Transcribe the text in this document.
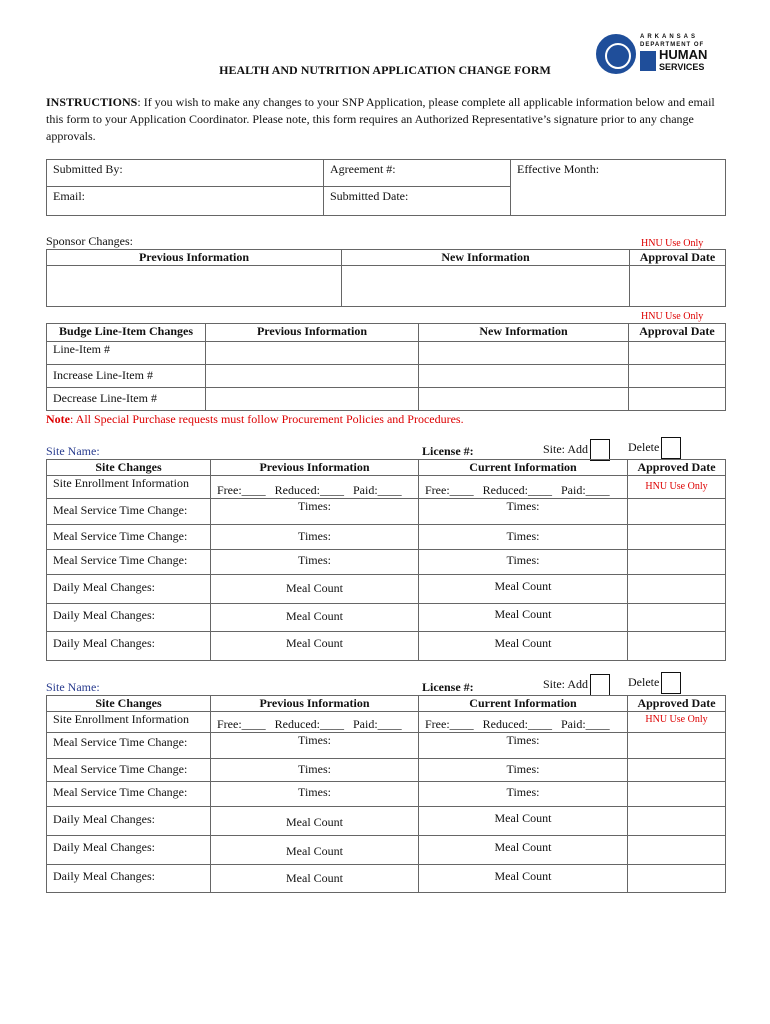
ARKANSAS
DEPARTMENT OF
HUMAN
SERVICES
HEALTH AND NUTRITION APPLICATION CHANGE FORM
INSTRUCTIONS: If you wish to make any changes to your SNP Application, please complete all applicable information below and email this form to your Application Coordinator. Please note, this form requires an Authorized Representative’s signature prior to any change approvals.
Submitted By:	Agreement #:	Effective Month:
Email:	Submitted Date:	
Sponsor Changes:	HNU Use Only
Previous Information	New Information	Approval Date

HNU Use Only
Budge Line-Item Changes	Previous Information	New Information	Approval Date
Line-Item #			
Increase Line-Item #			
Decrease Line-Item #			
Note: All Special Purchase requests must follow Procurement Policies and Procedures.
Site Name:	License #:	Site: Add	Delete
Site Changes	Previous Information	Current Information	Approved Date
Site Enrollment Information	Free:____ Reduced:____ Paid:____	Free:____ Reduced:____ Paid:____	HNU Use Only
Meal Service Time Change:	Times:	Times:	
Meal Service Time Change:	Times:	Times:	
Meal Service Time Change:	Times:	Times:	
Daily Meal Changes:	Meal Count	Meal Count	
Daily Meal Changes:	Meal Count	Meal Count	
Daily Meal Changes:	Meal Count	Meal Count	
Site Name:	License #:	Site: Add	Delete
Site Changes	Previous Information	Current Information	Approved Date
Site Enrollment Information	Free:____ Reduced:____ Paid:____	Free:____ Reduced:____ Paid:____	HNU Use Only
Meal Service Time Change:	Times:	Times:	
Meal Service Time Change:	Times:	Times:	
Meal Service Time Change:	Times:	Times:	
Daily Meal Changes:	Meal Count	Meal Count	
Daily Meal Changes:	Meal Count	Meal Count	
Daily Meal Changes:	Meal Count	Meal Count	
